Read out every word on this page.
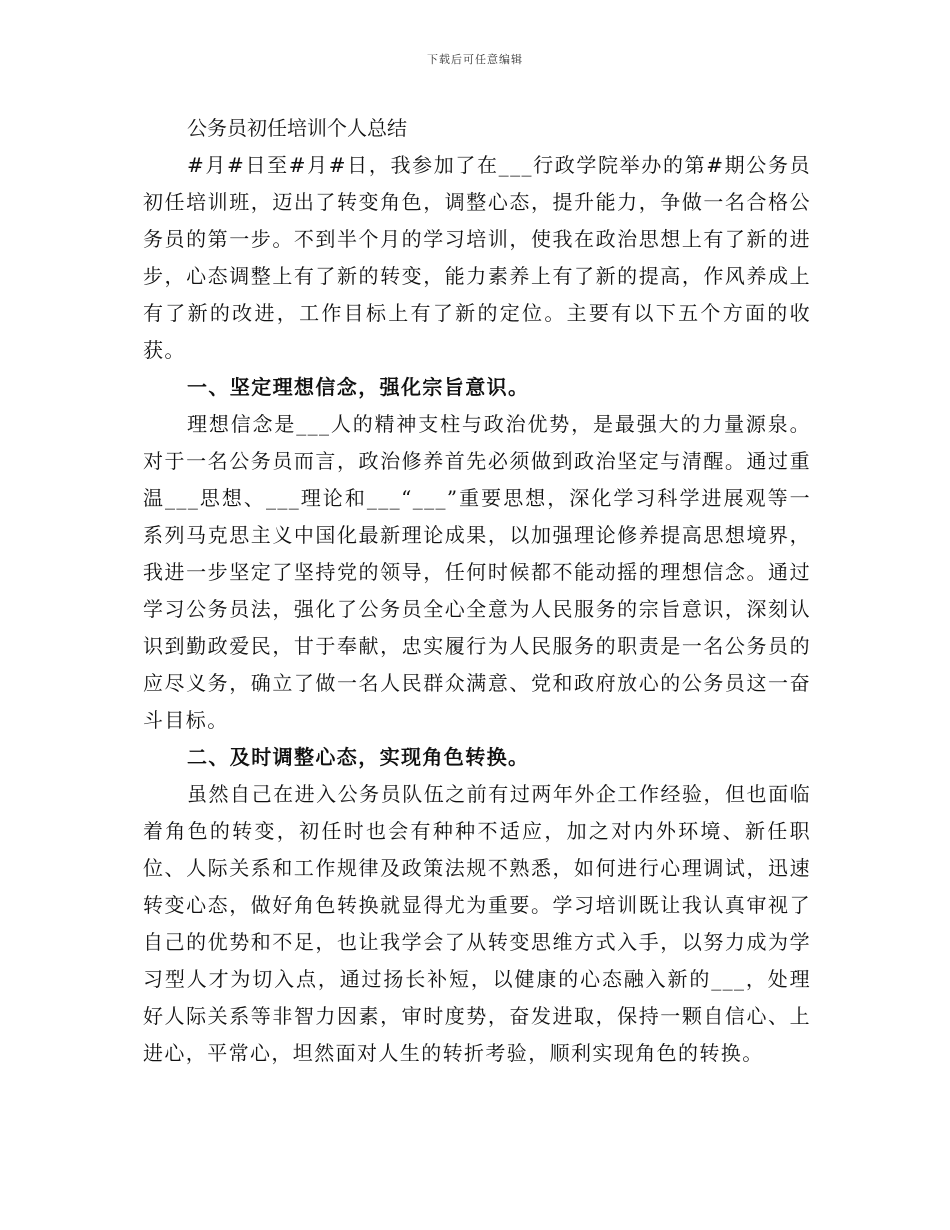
下载后可任意编辑
公务员初任培训个人总结

#月#日至#月#日，我参加了在___行政学院举办的第#期公务员初任培训班，迈出了转变角色，调整心态，提升能力，争做一名合格公务员的第一步。不到半个月的学习培训，使我在政治思想上有了新的进步，心态调整上有了新的转变，能力素养上有了新的提高，作风养成上有了新的改进，工作目标上有了新的定位。主要有以下五个方面的收获。

一、坚定理想信念，强化宗旨意识。

理想信念是___人的精神支柱与政治优势，是最强大的力量源泉。对于一名公务员而言，政治修养首先必须做到政治坚定与清醒。通过重温___思想、___理论和___“___”重要思想，深化学习科学进展观等一系列马克思主义中国化最新理论成果，以加强理论修养提高思想境界，我进一步坚定了坚持党的领导，任何时候都不能动摇的理想信念。通过学习公务员法，强化了公务员全心全意为人民服务的宗旨意识，深刻认识到勤政爱民，甘于奉献，忠实履行为人民服务的职责是一名公务员的应尽义务，确立了做一名人民群众满意、党和政府放心的公务员这一奋斗目标。

二、及时调整心态，实现角色转换。

虽然自己在进入公务员队伍之前有过两年外企工作经验，但也面临着角色的转变，初任时也会有种种不适应，加之对内外环境、新任职位、人际关系和工作规律及政策法规不熟悉，如何进行心理调试，迅速转变心态，做好角色转换就显得尤为重要。学习培训既让我认真审视了自己的优势和不足，也让我学会了从转变思维方式入手，以努力成为学习型人才为切入点，通过扬长补短，以健康的心态融入新的___，处理好人际关系等非智力因素，审时度势，奋发进取，保持一颗自信心、上进心，平常心，坦然面对人生的转折考验，顺利实现角色的转换。
